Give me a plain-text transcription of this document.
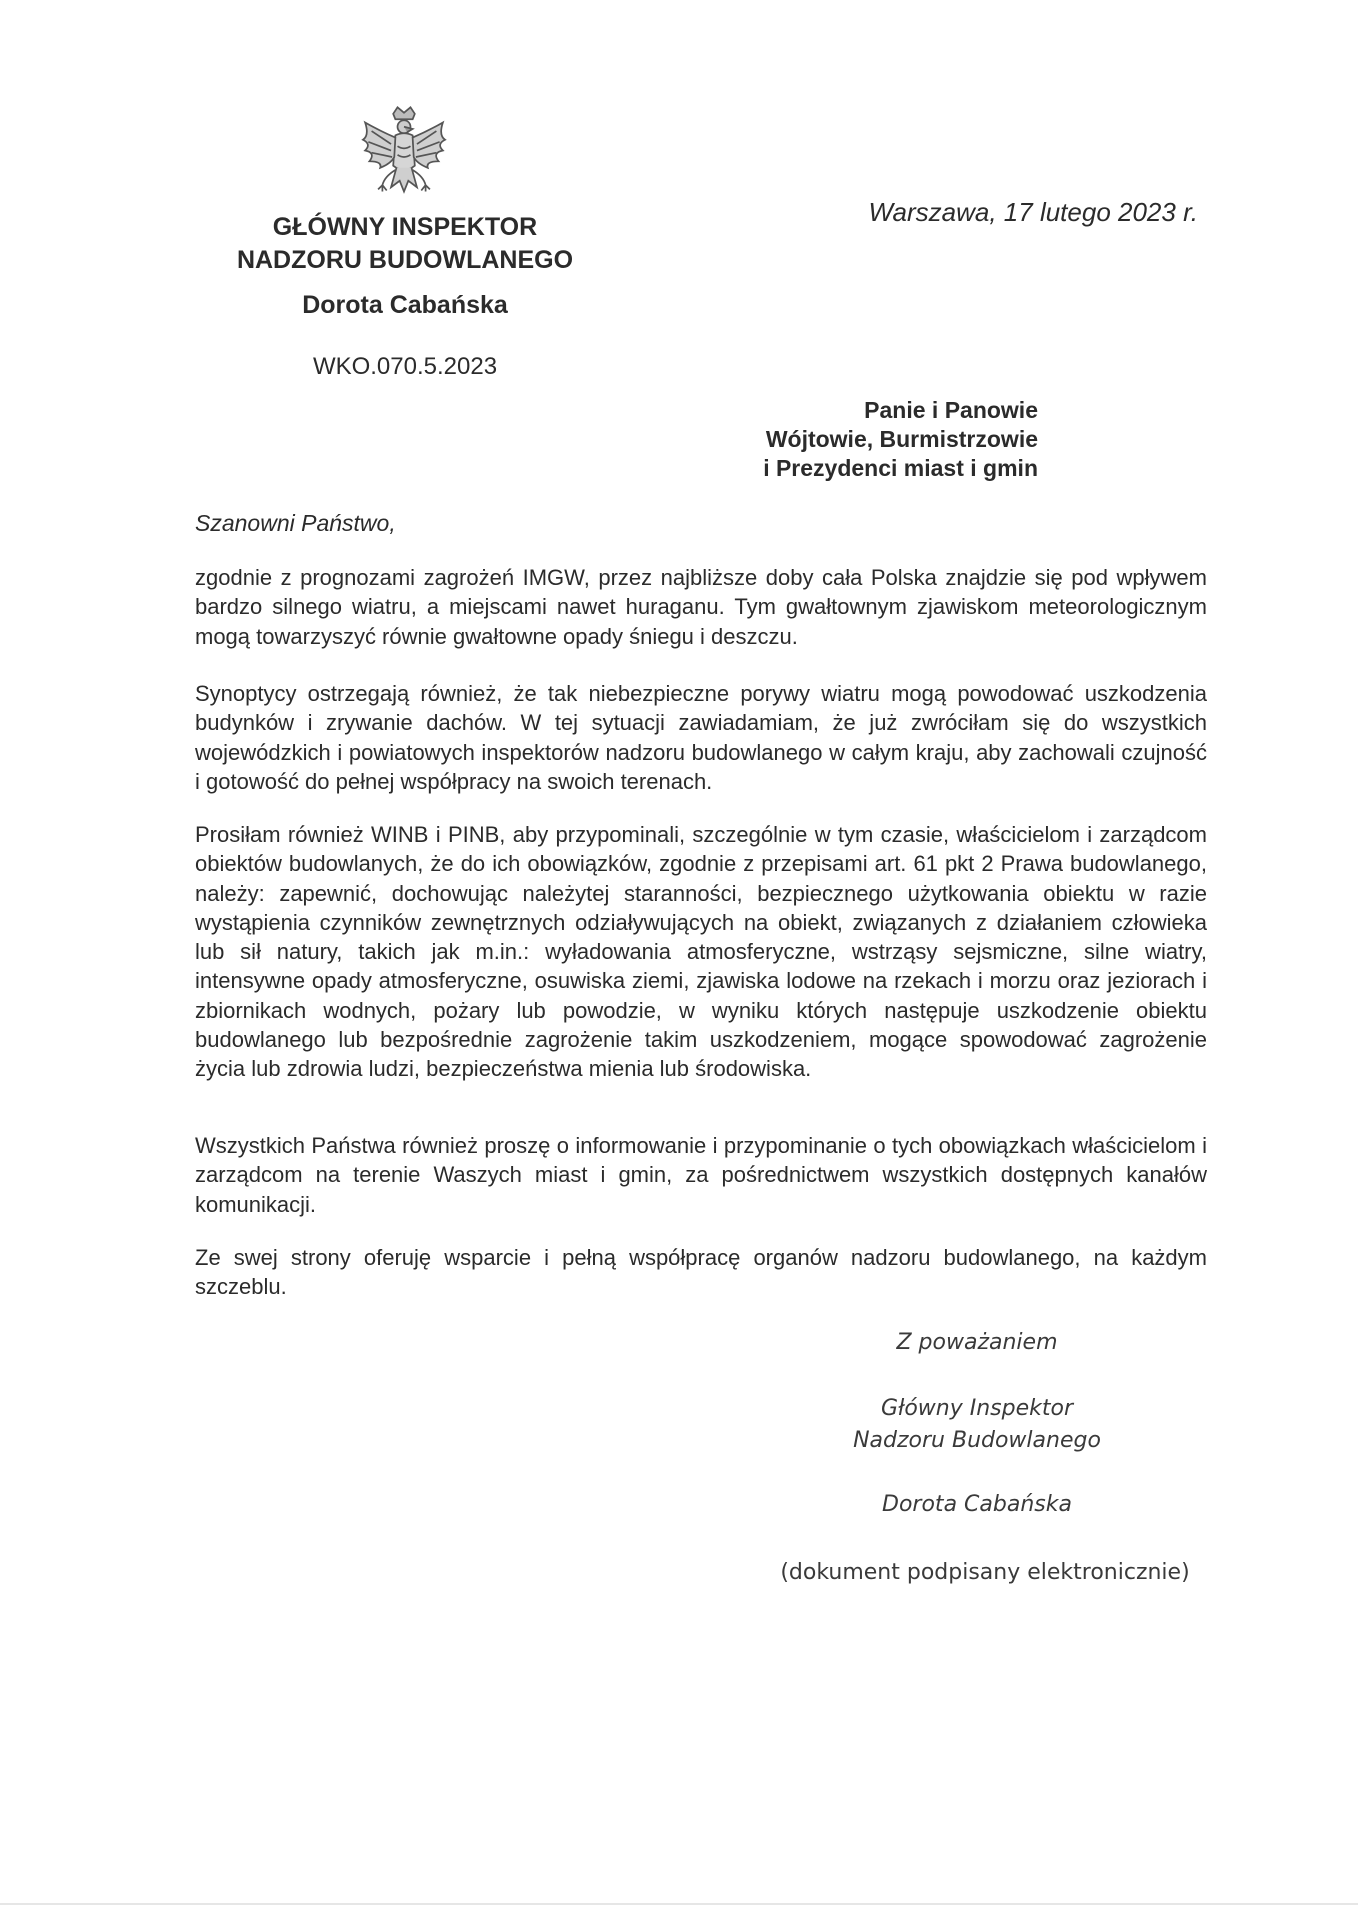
GŁÓWNY INSPEKTOR
NADZORU BUDOWLANEGO
Dorota Cabańska
WKO.070.5.2023
Warszawa, 17 lutego 2023 r.
Panie i Panowie
Wójtowie, Burmistrzowie
i Prezydenci miast i gmin
Szanowni Państwo,

zgodnie z prognozami zagrożeń IMGW, przez najbliższe doby cała Polska znajdzie się pod wpływem bardzo silnego wiatru, a miejscami nawet huraganu. Tym gwałtownym zjawiskom meteorologicznym mogą towarzyszyć równie gwałtowne opady śniegu i deszczu.

Synoptycy ostrzegają również, że tak niebezpieczne porywy wiatru mogą powodować uszkodzenia budynków i zrywanie dachów. W tej sytuacji zawiadamiam, że już zwróciłam się do wszystkich wojewódzkich i powiatowych inspektorów nadzoru budowlanego w całym kraju, aby zachowali czujność i gotowość do pełnej współpracy na swoich terenach.

Prosiłam również WINB i PINB, aby przypominali, szczególnie w tym czasie, właścicielom i zarządcom obiektów budowlanych, że do ich obowiązków, zgodnie z przepisami art. 61 pkt 2 Prawa budowlanego, należy: zapewnić, dochowując należytej staranności, bezpiecznego użytkowania obiektu w razie wystąpienia czynników zewnętrznych odziaływujących na obiekt, związanych z działaniem człowieka lub sił natury, takich jak m.in.: wyładowania atmosferyczne, wstrząsy sejsmiczne, silne wiatry, intensywne opady atmosferyczne, osuwiska ziemi, zjawiska lodowe na rzekach i morzu oraz jeziorach i zbiornikach wodnych, pożary lub powodzie, w wyniku których następuje uszkodzenie obiektu budowlanego lub bezpośrednie zagrożenie takim uszkodzeniem, mogące spowodować zagrożenie życia lub zdrowia ludzi, bezpieczeństwa mienia lub środowiska.

Wszystkich Państwa również proszę o informowanie i przypominanie o tych obowiązkach właścicielom i zarządcom na terenie Waszych miast i gmin, za pośrednictwem wszystkich dostępnych kanałów komunikacji.

Ze swej strony oferuję wsparcie i pełną współpracę organów nadzoru budowlanego, na każdym szczeblu.

Z poważaniem
Główny Inspektor
Nadzoru Budowlanego
Dorota Cabańska
(dokument podpisany elektronicznie)
